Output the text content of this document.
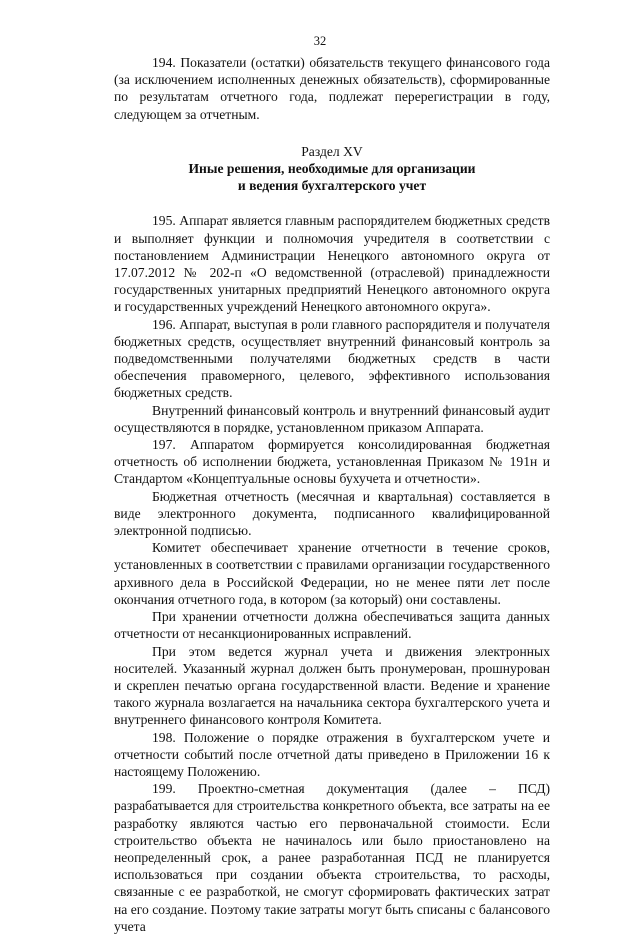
32

194. Показатели (остатки) обязательств текущего финансового года (за исключением исполненных денежных обязательств), сформированные по результатам отчетного года, подлежат перерегистрации в году, следующем за отчетным.

Раздел XV
Иные решения, необходимые для организации
и ведения бухгалтерского учет

195. Аппарат является главным распорядителем бюджетных средств и выполняет функции и полномочия учредителя в соответствии с постановлением Администрации Ненецкого автономного округа от 17.07.2012 № 202-п «О ведомственной (отраслевой) принадлежности государственных унитарных предприятий Ненецкого автономного округа и государственных учреждений Ненецкого автономного округа».

196. Аппарат, выступая в роли главного распорядителя и получателя бюджетных средств, осуществляет внутренний финансовый контроль за подведомственными получателями бюджетных средств в части обеспечения правомерного, целевого, эффективного использования бюджетных средств.

Внутренний финансовый контроль и внутренний финансовый аудит осуществляются в порядке, установленном приказом Аппарата.

197. Аппаратом формируется консолидированная бюджетная отчетность об исполнении бюджета, установленная Приказом № 191н и Стандартом «Концептуальные основы бухучета и отчетности».

Бюджетная отчетность (месячная и квартальная) составляется в виде электронного документа, подписанного квалифицированной электронной подписью.

Комитет обеспечивает хранение отчетности в течение сроков, установленных в соответствии с правилами организации государственного архивного дела в Российской Федерации, но не менее пяти лет после окончания отчетного года, в котором (за который) они составлены.

При хранении отчетности должна обеспечиваться защита данных отчетности от несанкционированных исправлений.

При этом ведется журнал учета и движения электронных носителей. Указанный журнал должен быть пронумерован, прошнурован и скреплен печатью органа государственной власти. Ведение и хранение такого журнала возлагается на начальника сектора бухгалтерского учета и внутреннего финансового контроля Комитета.

198. Положение о порядке отражения в бухгалтерском учете и отчетности событий после отчетной даты приведено в Приложении 16 к настоящему Положению.

199. Проектно-сметная документация (далее – ПСД) разрабатывается для строительства конкретного объекта, все затраты на ее разработку являются частью его первоначальной стоимости. Если строительство объекта не начиналось или было приостановлено на неопределенный срок, а ранее разработанная ПСД не планируется использоваться при создании объекта строительства, то расходы, связанные с ее разработкой, не смогут сформировать фактических затрат на его создание. Поэтому такие затраты могут быть списаны с балансового учета
